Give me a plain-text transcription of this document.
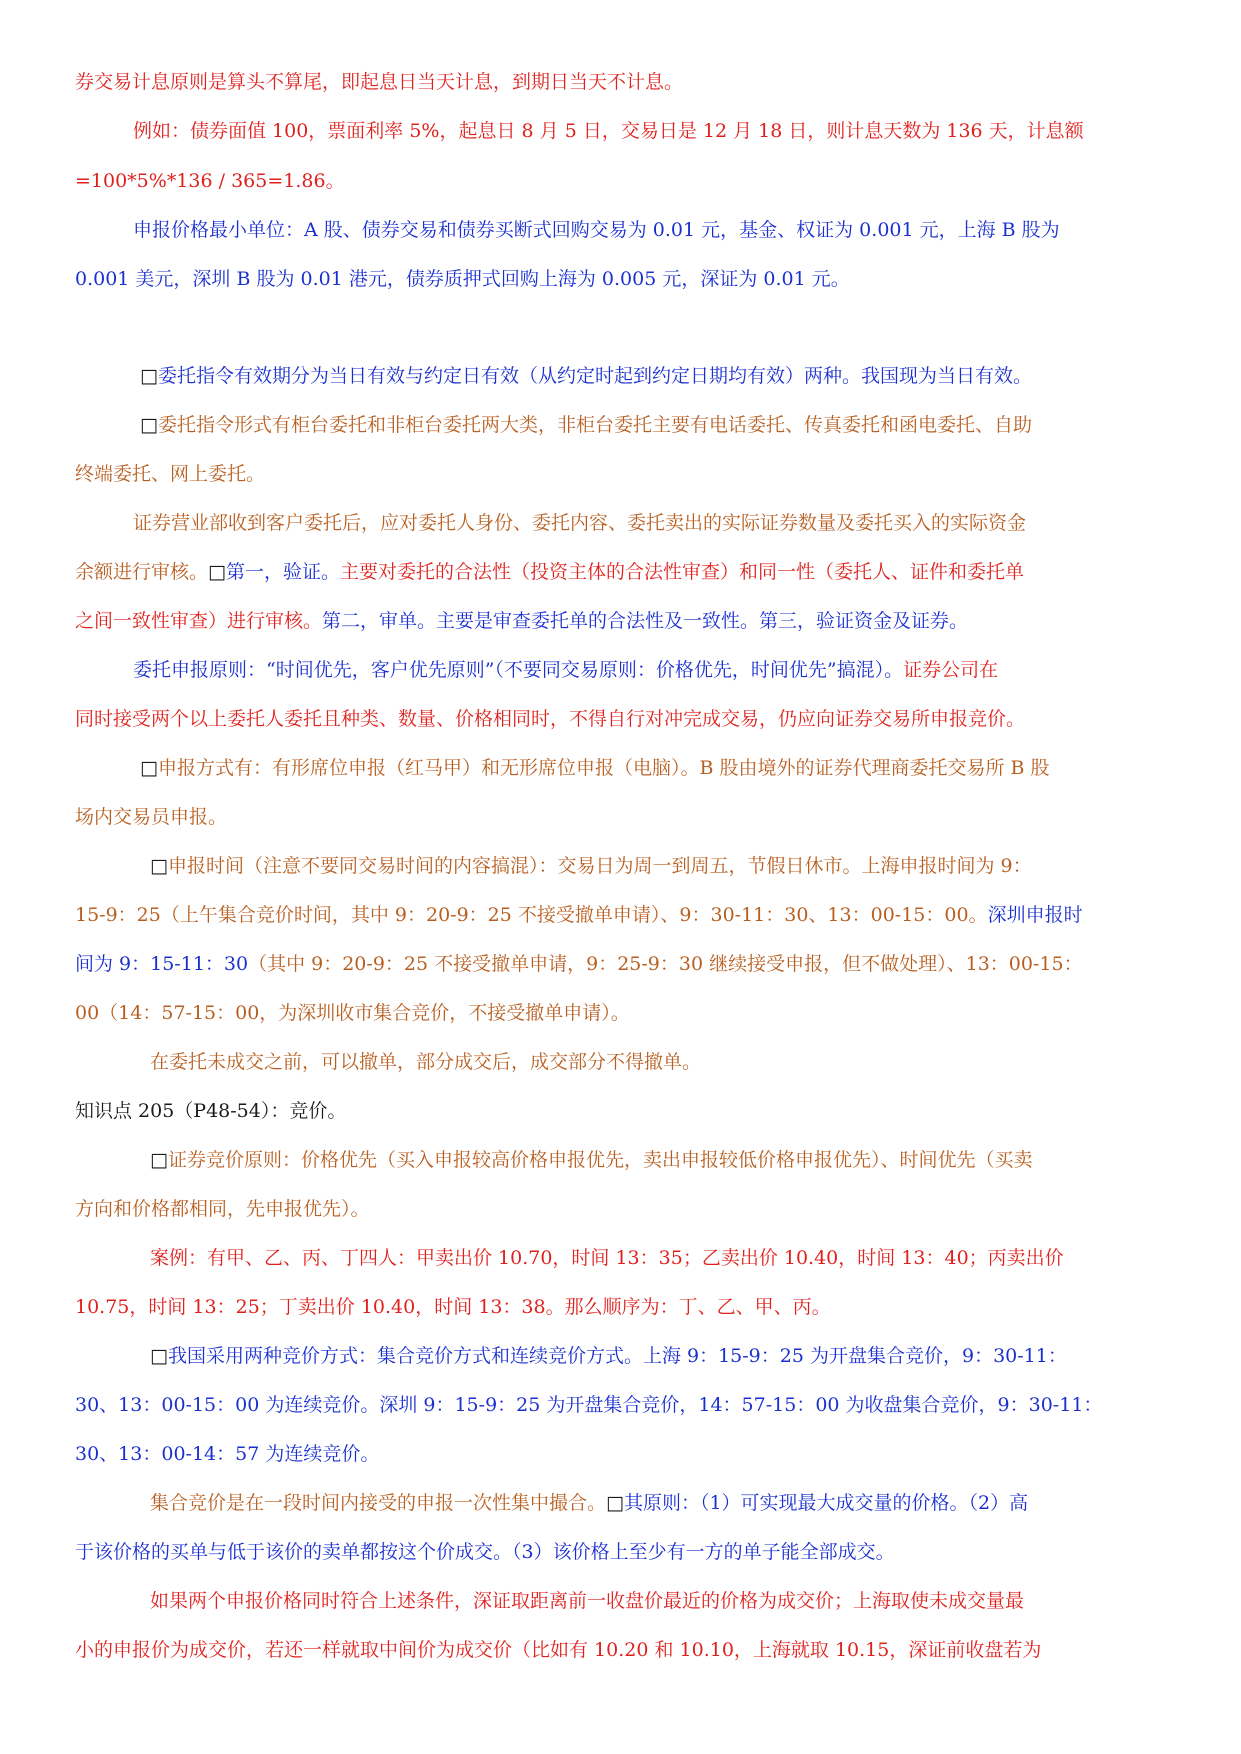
券交易计息原则是算头不算尾，即起息日当天计息，到期日当天不计息。
例如：债券面值 100，票面利率 5%，起息日 8 月 5 日，交易日是 12 月 18 日，则计息天数为 136 天，计息额
=100*5%*136 / 365=1.86。
申报价格最小单位：A 股、债券交易和债券买断式回购交易为 0.01 元，基金、权证为 0.001 元，上海 B 股为
0.001 美元，深圳 B 股为 0.01 港元，债券质押式回购上海为 0.005 元，深证为 0.01 元。
□委托指令有效期分为当日有效与约定日有效（从约定时起到约定日期均有效）两种。我国现为当日有效。
□委托指令形式有柜台委托和非柜台委托两大类，非柜台委托主要有电话委托、传真委托和函电委托、自助
终端委托、网上委托。
证券营业部收到客户委托后，应对委托人身份、委托内容、委托卖出的实际证券数量及委托买入的实际资金
余额进行审核。□第一，验证。主要对委托的合法性（投资主体的合法性审查）和同一性（委托人、证件和委托单
之间一致性审查）进行审核。第二，审单。主要是审查委托单的合法性及一致性。第三，验证资金及证券。
委托申报原则：“时间优先，客户优先原则”（不要同交易原则：价格优先，时间优先”搞混）。证券公司在
同时接受两个以上委托人委托且种类、数量、价格相同时，不得自行对冲完成交易，仍应向证券交易所申报竞价。
□申报方式有：有形席位申报（红马甲）和无形席位申报（电脑）。B 股由境外的证券代理商委托交易所 B 股
场内交易员申报。
□申报时间（注意不要同交易时间的内容搞混）：交易日为周一到周五，节假日休市。上海申报时间为 9：
15-9：25（上午集合竞价时间，其中 9：20-9：25 不接受撤单申请）、9：30-11：30、13：00-15：00。深圳申报时
间为 9：15-11：30（其中 9：20-9：25 不接受撤单申请，9：25-9：30 继续接受申报，但不做处理）、13：00-15：
00（14：57-15：00，为深圳收市集合竞价，不接受撤单申请）。
在委托未成交之前，可以撤单，部分成交后，成交部分不得撤单。
知识点 205（P48-54）：竞价。
□证券竞价原则：价格优先（买入申报较高价格申报优先，卖出申报较低价格申报优先）、时间优先（买卖
方向和价格都相同，先申报优先）。
案例：有甲、乙、丙、丁四人：甲卖出价 10.70，时间 13：35；乙卖出价 10.40，时间 13：40；丙卖出价
10.75，时间 13：25；丁卖出价 10.40，时间 13：38。那么顺序为：丁、乙、甲、丙。
□我国采用两种竞价方式：集合竞价方式和连续竞价方式。上海 9：15-9：25 为开盘集合竞价，9：30-11：
30、13：00-15：00 为连续竞价。深圳 9：15-9：25 为开盘集合竞价，14：57-15：00 为收盘集合竞价，9：30-11：
30、13：00-14：57 为连续竞价。
集合竞价是在一段时间内接受的申报一次性集中撮合。□其原则：（1）可实现最大成交量的价格。（2）高
于该价格的买单与低于该价的卖单都按这个价成交。（3）该价格上至少有一方的单子能全部成交。
如果两个申报价格同时符合上述条件，深证取距离前一收盘价最近的价格为成交价；上海取使未成交量最
小的申报价为成交价，若还一样就取中间价为成交价（比如有 10.20 和 10.10，上海就取 10.15，深证前收盘若为
